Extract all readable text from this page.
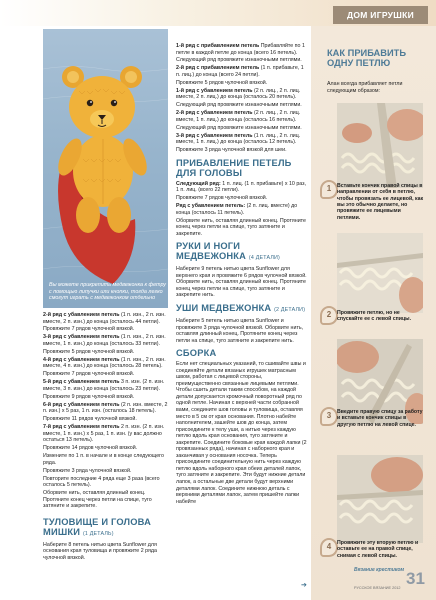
ДОМ ИГРУШКИ
Вы можете прикрепить медвежонка к фетру с помощью липучки или кнопки, тогда легко смогут играть с медвежонком отдельно

2-й ряд с убавлением петель (1 п. изн., 2 п. изн. вместе, 2 п. изн.) до конца (осталось 44 петли).

Провяжите 7 рядов чулочной вязкой.

3-й ряд с убавлением петель (1 п. изн., 2 п. изн. вместе, 1 п. изн.) до конца (осталось 33 петли).

Провяжите 5 рядов чулочной вязкой.

4-й ряд с убавлением петель (1 п. изн., 2 п. изн. вместе, 4 п. изн.) до конца (осталось 28 петель).

Провяжите 7 рядов чулочной вязкой.

5-й ряд с убавлением петель 3 п. изн. (2 п. изн. вместе, 3 п. изн.) до конца (осталось 23 петли).

Провяжите 9 рядов чулочной вязкой.

6-й ряд с убавлением петель (2 п. изн. вместе, 2 п. изн.) х 5 раз, 1 п. изн. (осталось 18 петель).

Провяжите 11 рядов чулочной вязкой.

7-й ряд с убавлением петель 2 п. изн. (2 п. изн. вместе, 1 п. изн.) х 5 раз, 1 п. изн. (у вас должно остаться 13 петель).

Провяжите 14 рядов чулочной вязкой.

Измените по 1 п. в начале и в конце следующего ряда.

Провяжите 3 ряда чулочной вязкой.

Повторите последние 4 ряда еще 3 раза (всего осталось 5 петель).

Оборвите нить, оставляя длинный конец. Протяните конец через петли на спице, туго затяните и закрепите.

ТУЛОВИЩЕ И ГОЛОВА МИШКИ (1 ДЕТАЛЬ)

Наберите 8 петель нитью цвета Sunflower для основания края туловища и провяжите 2 ряда чулочной вязкой.

1-й ряд с прибавлением петель Прибавляйте по 1 петле в каждой петле до конца (всего 16 петель).

Следующий ряд провяжите изнаночными петлями.

2-й ряд с прибавлением петель (1 п. прибавьте, 1 п. лиц.) до конца (всего 24 петли).

Провяжите 5 рядов чулочной вязкой.

1-й ряд с убавлением петель (2 п. лиц., 2 п. лиц. вместе, 2 п. лиц.) до конца (осталось 20 петель).

Следующий ряд провяжите изнаночными петлями.

2-й ряд с убавлением петель (2 п. лиц., 2 п. лиц. вместе, 1 п. лиц.) до конца (осталось 16 петель).

Следующий ряд провяжите изнаночными петлями.

3-й ряд с убавлением петель (1 п. лиц., 2 п. лиц. вместе, 1 п. лиц.) до конца (осталось 12 петель).

Провяжите 3 ряда чулочной вязкой для шеи.

ПРИБАВЛЕНИЕ ПЕТЕЛЬ ДЛЯ ГОЛОВЫ

Следующий ряд: 1 п. лиц. (1 п. прибавьте) х 10 раз, 1 п. лиц. (всего 22 петли).

Провяжите 7 рядов чулочной вязкой.

Ряд с убавлением петель: (2 п. лиц. вместе) до конца (осталось 11 петель).

Оборвите нить, оставляя длинный конец. Протяните конец через петли на спице, туго затяните и закрепите.

РУКИ И НОГИ МЕДВЕЖОНКА (4 ДЕТАЛИ)

Наберите 9 петель нитью цвета Sunflower для верхнего края и провяжите 6 рядов чулочной вязкой. Оборвите нить, оставляя длинный конец. Протяните конец через петли на спице, туго затяните и закрепите нить.

УШИ МЕДВЕЖОНКА (2 ДЕТАЛИ)

Наберите 5 петель нитью цвета Sunflower и провяжите 3 ряда чулочной вязкой. Оборвите нить, оставляя длинный конец. Протяните конец через петли на спице, туго затяните и закрепите нить.

СБОРКА

Если нет специальных указаний, то сшивайте швы и соединяйте детали вязаных игрушек матрасным швом, работая с лицевой стороны, преимущественно связанные лицевыми петлями. Чтобы сшить детали таким способом, на каждой детали допускается кромочный поворотный ряд по одной петле. Начиная с верхней части собранной вами, соедините шов головы и туловища, оставляя место в 5 см от края основания. Плотно набейте наполнителем, зашейте шов до конца, затем присоедините к телу уши, а нитью через каждую петлю вдоль края основания, туго затяните и закрепите. Соедините боковые края каждой лапки (2 провязанных ряда), начиная с наборного края и заканчивая у основания носочка. Теперь присоедините соединительную нить через каждую петлю вдоль наборного края обеих деталей лапок, туго затяните и закрепите. Эти будут нижние детали лапок, а остальные две детали будут верхними деталями лапок. Соедините нижнюю деталь с верхними деталями лапок, затем пришейте лапки набейте

➔
КАК ПРИБАВИТЬ ОДНУ ПЕТЛЮ
Алан всегда прибавляет петли следующим образом:
1	Вставьте кончик правой спицы в направлении от себя в петлю, чтобы провязать ее лицевой, как вы это обычно делаете, но провяжите ее лицевыми петлями.
2	Провяжите петлю, но не спускайте ее с левой спицы.
3	Введите правую спицу за работу и вставьте кончик спицы в другую петлю на левой спице.
4	Провяжите эту вторую петлю и оставьте ее на правой спице, снимая с левой спицы.
Вязание крестиком
РУССКОЕ ВЯЗАНИЕ 2012 31
